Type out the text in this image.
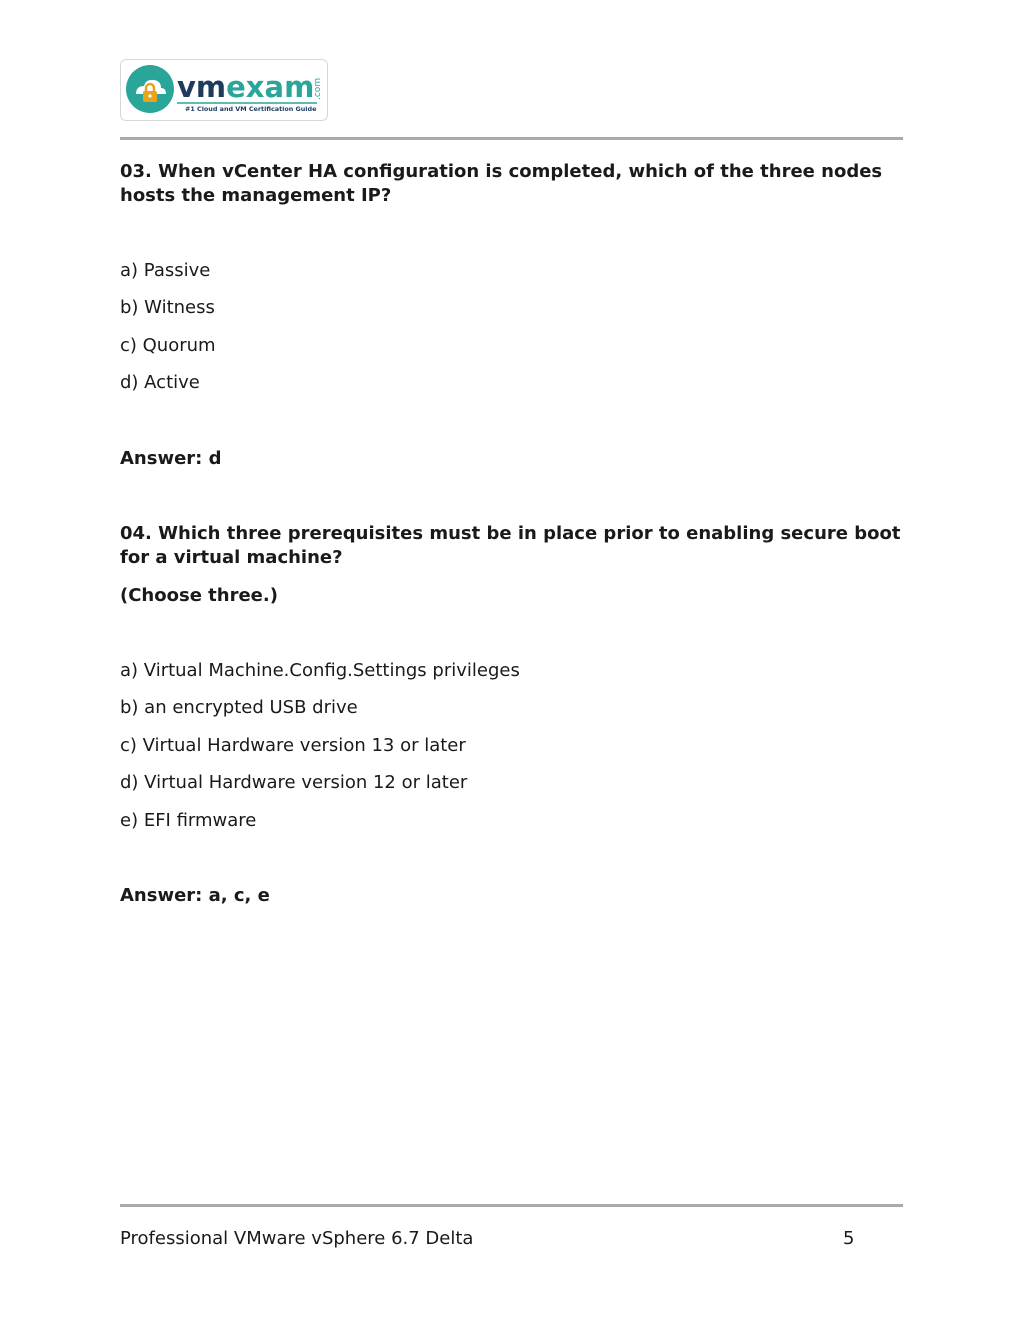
vmexam
.com
#1 Cloud and VM Certification Guide

03. When vCenter HA configuration is completed, which of the three nodes hosts the management IP?

a) Passive

b) Witness

c) Quorum

d) Active

Answer: d

04. Which three prerequisites must be in place prior to enabling secure boot for a virtual machine?

(Choose three.)

a) Virtual Machine.Config.Settings privileges

b) an encrypted USB drive

c) Virtual Hardware version 13 or later

d) Virtual Hardware version 12 or later

e) EFI firmware

Answer: a, c, e

Professional VMware vSphere 6.7 Delta	5
